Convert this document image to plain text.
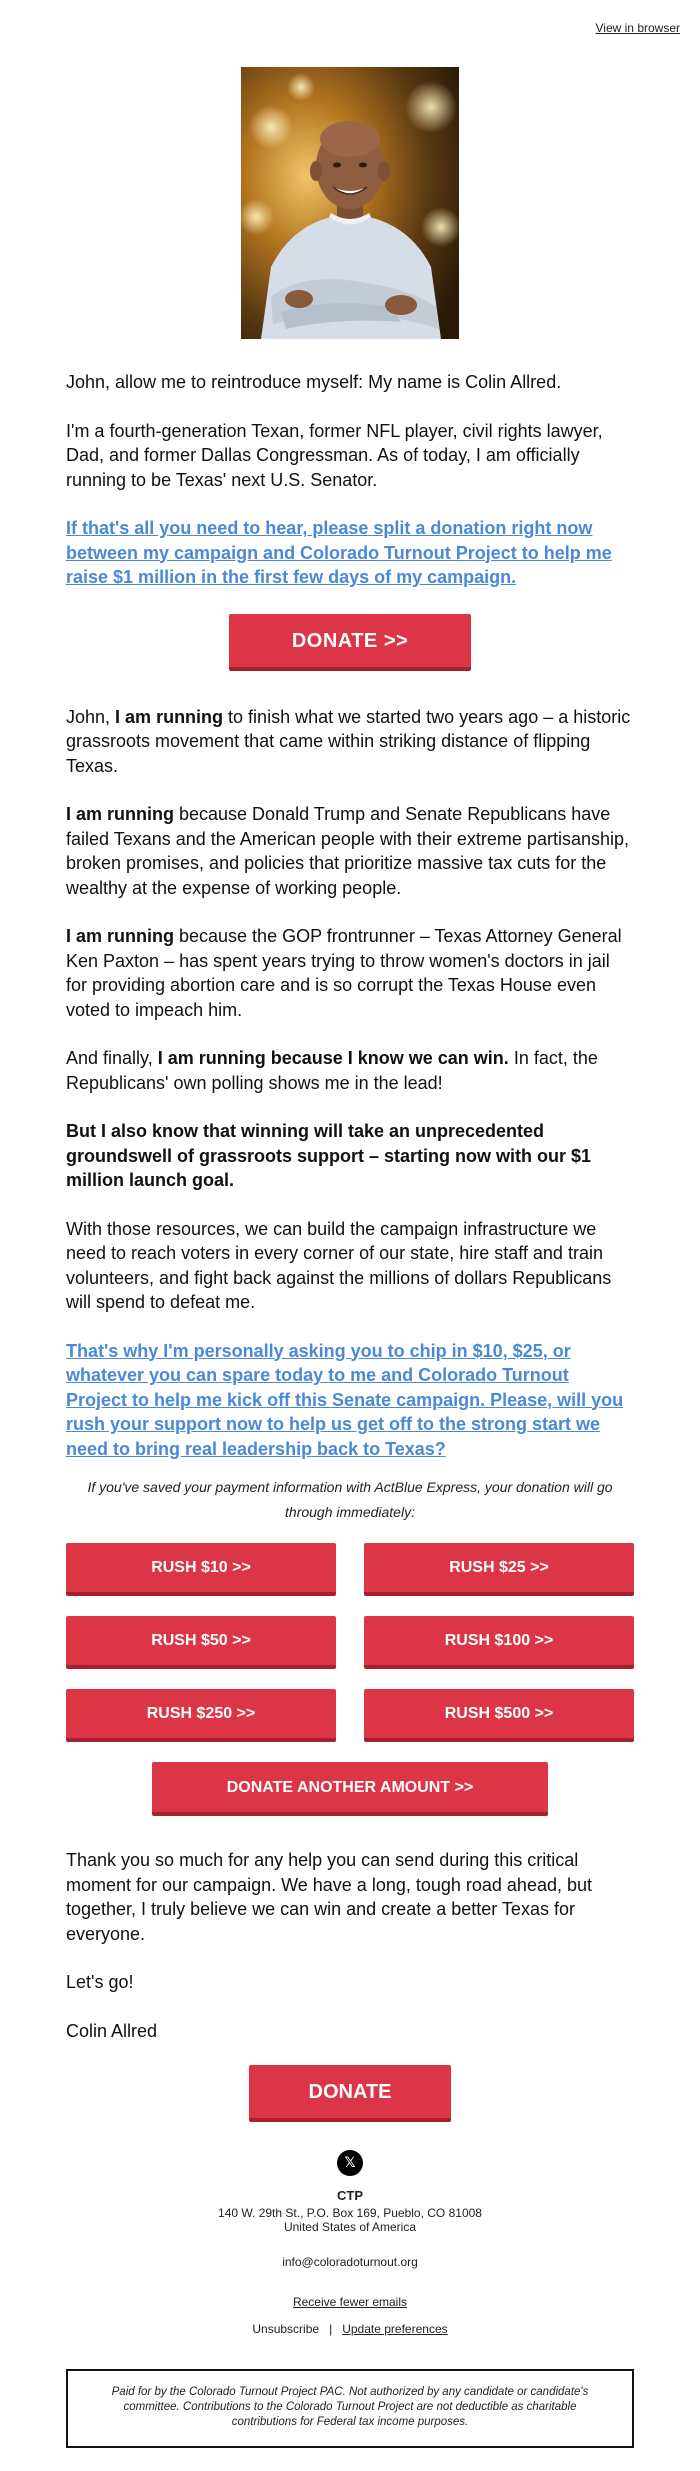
View in browser

John, allow me to reintroduce myself: My name is Colin Allred.

I'm a fourth-generation Texan, former NFL player, civil rights lawyer, Dad, and former Dallas Congressman. As of today, I am officially running to be Texas' next U.S. Senator.

If that's all you need to hear, please split a donation right now between my campaign and Colorado Turnout Project to help me raise $1 million in the first few days of my campaign.
DONATE >>

John, I am running to finish what we started two years ago – a historic grassroots movement that came within striking distance of flipping Texas.

I am running because Donald Trump and Senate Republicans have failed Texans and the American people with their extreme partisanship, broken promises, and policies that prioritize massive tax cuts for the wealthy at the expense of working people.

I am running because the GOP frontrunner – Texas Attorney General Ken Paxton – has spent years trying to throw women's doctors in jail for providing abortion care and is so corrupt the Texas House even voted to impeach him.

And finally, I am running because I know we can win. In fact, the Republicans' own polling shows me in the lead!

But I also know that winning will take an unprecedented groundswell of grassroots support – starting now with our $1 million launch goal.

With those resources, we can build the campaign infrastructure we need to reach voters in every corner of our state, hire staff and train volunteers, and fight back against the millions of dollars Republicans will spend to defeat me.

That's why I'm personally asking you to chip in $10, $25, or whatever you can spare today to me and Colorado Turnout Project to help me kick off this Senate campaign. Please, will you rush your support now to help us get off to the strong start we need to bring real leadership back to Texas?

If you've saved your payment information with ActBlue Express, your donation will go through immediately:

RUSH $10 >>	RUSH $25 >>
RUSH $50 >>	RUSH $100 >>
RUSH $250 >>	RUSH $500 >>
DONATE ANOTHER AMOUNT >>

Thank you so much for any help you can send during this critical moment for our campaign. We have a long, tough road ahead, but together, I truly believe we can win and create a better Texas for everyone.

Let's go!

Colin Allred

DONATE
𝕏
CTP
140 W. 29th St., P.O. Box 169, Pueblo, CO 81008
United States of America
info@coloradoturnout.org
Receive fewer emails
Unsubscribe | Update preferences
Paid for by the Colorado Turnout Project PAC. Not authorized by any candidate or candidate's committee. Contributions to the Colorado Turnout Project are not deductible as charitable contributions for Federal tax income purposes.
